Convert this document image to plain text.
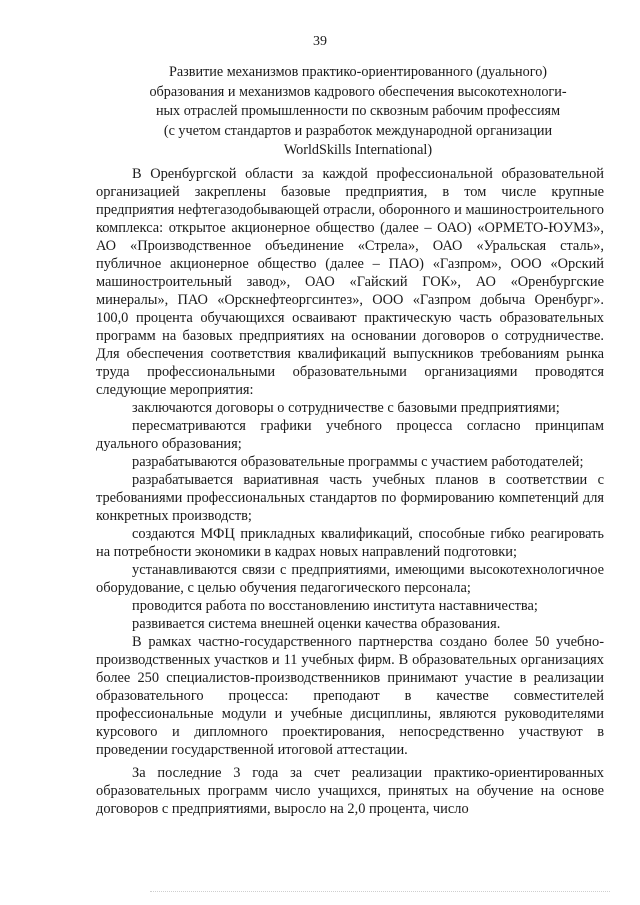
39
Развитие механизмов практико-ориентированного (дуального)
образования и механизмов кадрового обеспечения высокотехнологи-
ных отраслей промышленности по сквозным рабочим профессиям
(с учетом стандартов и разработок международной организации
WorldSkills International)

В Оренбургской области за каждой профессиональной образовательной организацией закреплены базовые предприятия, в том числе крупные предприятия нефтегазодобывающей отрасли, оборонного и машиностроительного комплекса: открытое акционерное общество (далее – ОАО) «ОРМЕТО-ЮУМЗ», АО «Производственное объединение «Стрела», ОАО «Уральская сталь», публичное акционерное общество (далее – ПАО) «Газпром», ООО «Орский машиностроительный завод», ОАО «Гайский ГОК», АО «Оренбургские минералы», ПАО «Орскнефтеоргсинтез», ООО «Газпром добыча Оренбург». 100,0 процента обучающихся осваивают практическую часть образовательных программ на базовых предприятиях на основании договоров о сотрудничестве. Для обеспечения соответствия квалификаций выпускников требованиям рынка труда профессиональными образовательными организациями проводятся следующие мероприятия:

заключаются договоры о сотрудничестве с базовыми предприятиями;

пересматриваются графики учебного процесса согласно принципам дуального образования;

разрабатываются образовательные программы с участием работодателей;

разрабатывается вариативная часть учебных планов в соответствии с требованиями профессиональных стандартов по формированию компетенций для конкретных производств;

создаются МФЦ прикладных квалификаций, способные гибко реагировать на потребности экономики в кадрах новых направлений подготовки;

устанавливаются связи с предприятиями, имеющими высокотехнологичное оборудование, с целью обучения педагогического персонала;

проводится работа по восстановлению института наставничества;

развивается система внешней оценки качества образования.

В рамках частно-государственного партнерства создано более 50 учебно-производственных участков и 11 учебных фирм. В образовательных организациях более 250 специалистов-производственников принимают участие в реализации образовательного процесса: преподают в качестве совместителей профессиональные модули и учебные дисциплины, являются руководителями курсового и дипломного проектирования, непосредственно участвуют в проведении государственной итоговой аттестации.

За последние 3 года за счет реализации практико-ориентированных образовательных программ число учащихся, принятых на обучение на основе договоров с предприятиями, выросло на 2,0 процента, число
